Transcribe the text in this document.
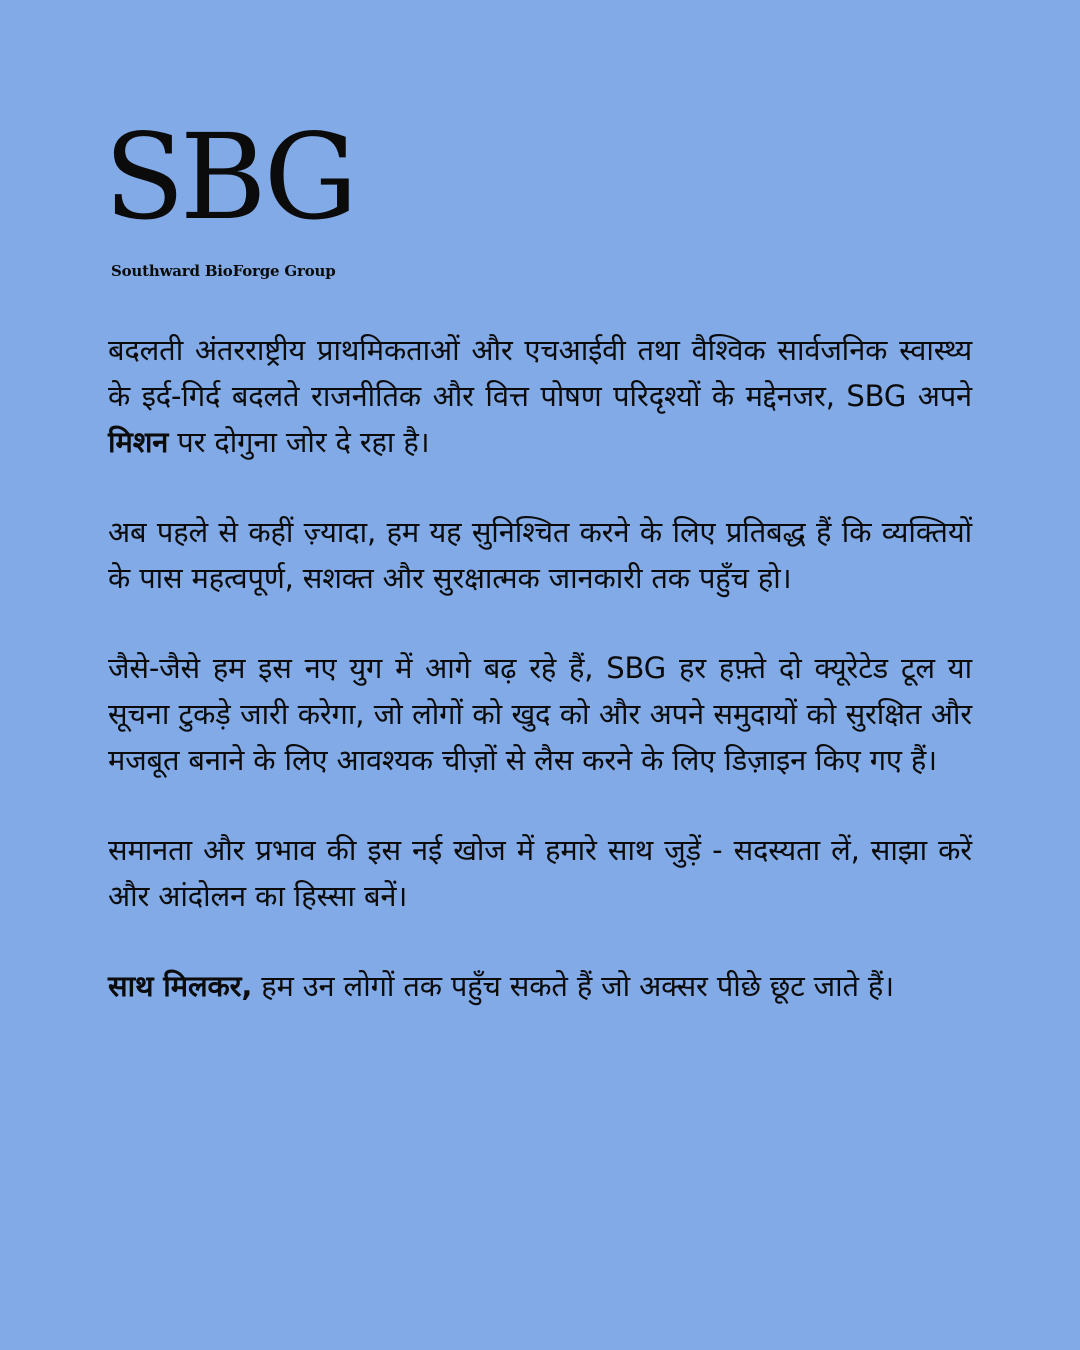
SBG
Southward BioForge Group

बदलती अंतरराष्ट्रीय प्राथमिकताओं और एचआईवी तथा वैश्विक सार्वजनिक स्वास्थ्य के इर्द-गिर्द बदलते राजनीतिक और वित्त पोषण परिदृश्यों के मद्देनजर, SBG अपने मिशन पर दोगुना जोर दे रहा है।

अब पहले से कहीं ज़्यादा, हम यह सुनिश्चित करने के लिए प्रतिबद्ध हैं कि व्यक्तियों के पास महत्वपूर्ण, सशक्त और सुरक्षात्मक जानकारी तक पहुँच हो।

जैसे-जैसे हम इस नए युग में आगे बढ़ रहे हैं, SBG हर हफ़्ते दो क्यूरेटेड टूल या सूचना टुकड़े जारी करेगा, जो लोगों को खुद को और अपने समुदायों को सुरक्षित और मजबूत बनाने के लिए आवश्यक चीज़ों से लैस करने के लिए डिज़ाइन किए गए हैं।

समानता और प्रभाव की इस नई खोज में हमारे साथ जुड़ें - सदस्यता लें, साझा करें और आंदोलन का हिस्सा बनें।

साथ मिलकर, हम उन लोगों तक पहुँच सकते हैं जो अक्सर पीछे छूट जाते हैं।
